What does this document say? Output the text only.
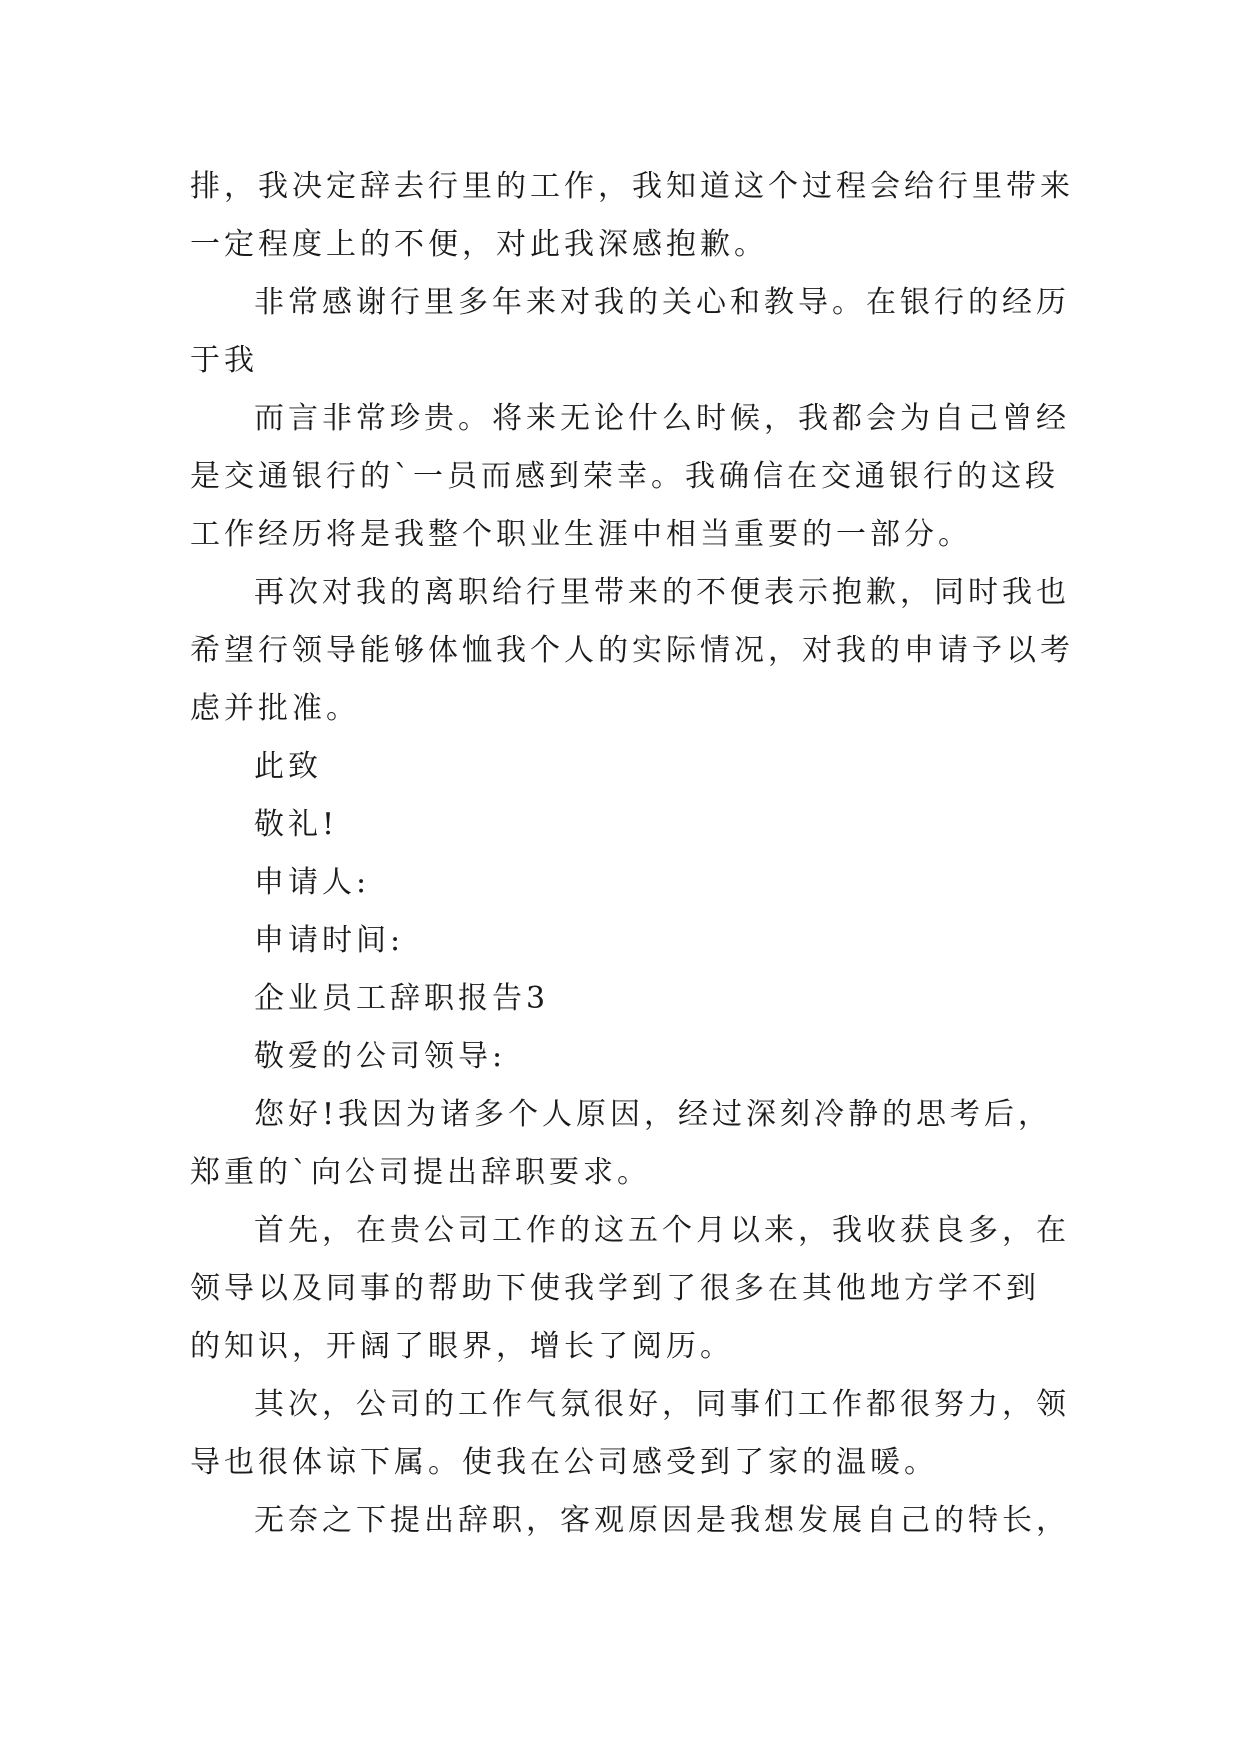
排，我决定辞去行里的工作，我知道这个过程会给行里带来
一定程度上的不便，对此我深感抱歉。
非常感谢行里多年来对我的关心和教导。在银行的经历
于我
而言非常珍贵。将来无论什么时候，我都会为自己曾经
是交通银行的`一员而感到荣幸。我确信在交通银行的这段
工作经历将是我整个职业生涯中相当重要的一部分。
再次对我的离职给行里带来的不便表示抱歉，同时我也
希望行领导能够体恤我个人的实际情况，对我的申请予以考
虑并批准。
此致
敬礼!
申请人:
申请时间:
企业员工辞职报告3
敬爱的公司领导:
您好!我因为诸多个人原因，经过深刻冷静的思考后，
郑重的`向公司提出辞职要求。
首先，在贵公司工作的这五个月以来，我收获良多，在
领导以及同事的帮助下使我学到了很多在其他地方学不到
的知识，开阔了眼界，增长了阅历。
其次，公司的工作气氛很好，同事们工作都很努力，领
导也很体谅下属。使我在公司感受到了家的温暖。
无奈之下提出辞职，客观原因是我想发展自己的特长，
